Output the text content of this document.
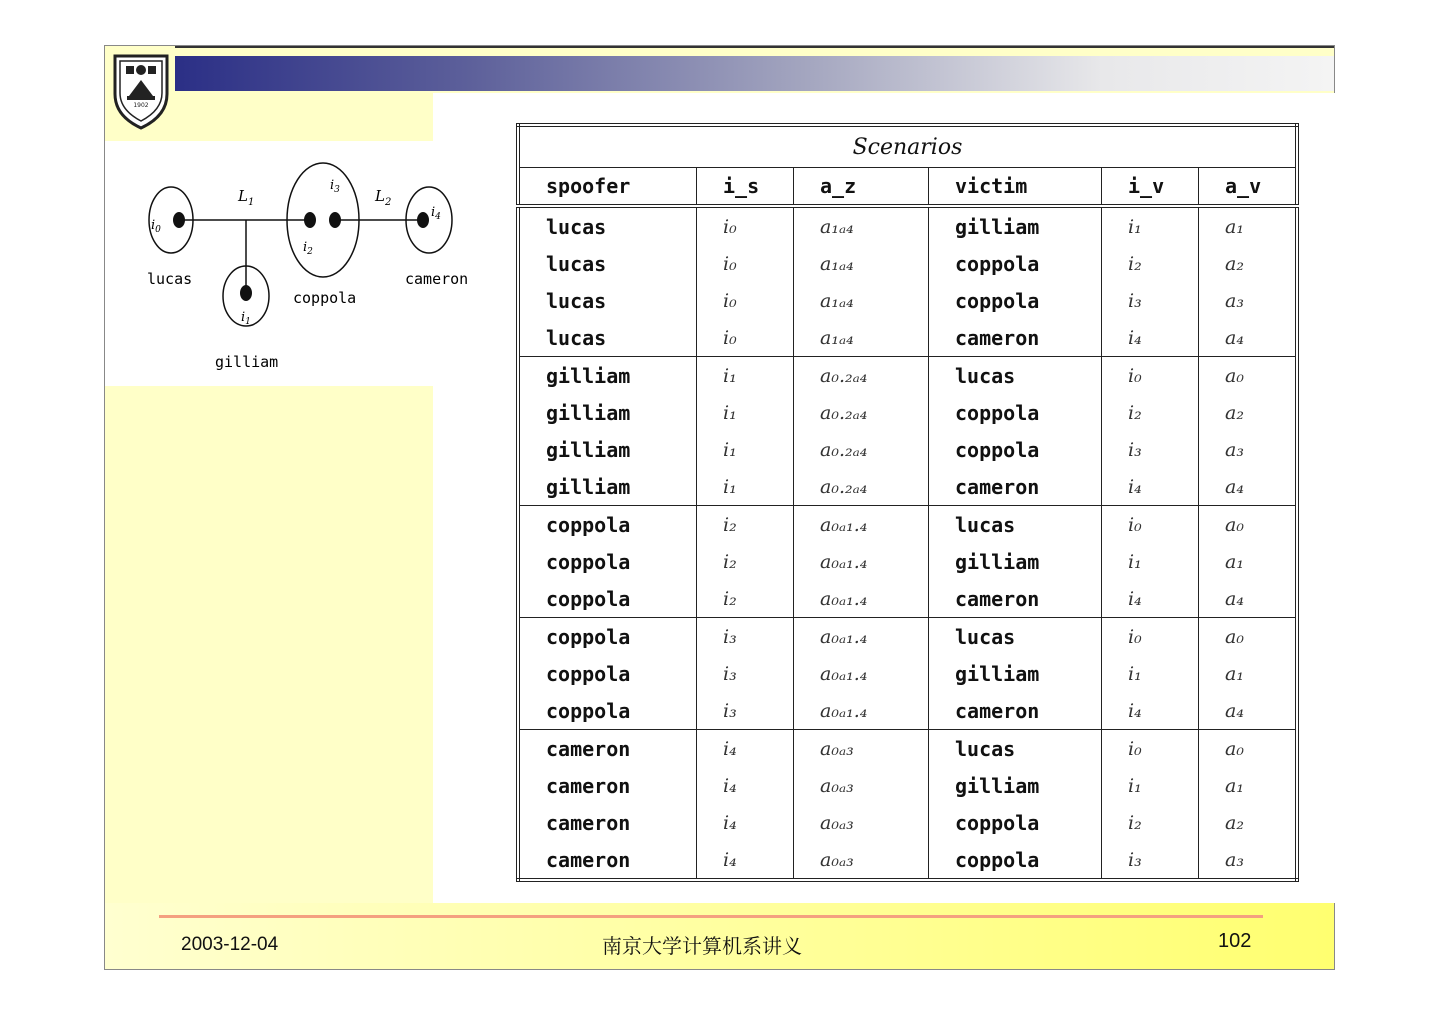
1902
$L_1$	$L_2$
$i_0$
lucas
$i_1$
gilliam
$i_2$
$i_3$
coppola
$i_4$
cameron
Scenarios					
spoofer	i_s	a_z	victim	i_v	a_v
lucas	i₀	a₁ₐ₄	gilliam	i₁	a₁
lucas	i₀	a₁ₐ₄	coppola	i₂	a₂
lucas	i₀	a₁ₐ₄	coppola	i₃	a₃
lucas	i₀	a₁ₐ₄	cameron	i₄	a₄
gilliam	i₁	a₀.₂ₐ₄	lucas	i₀	a₀
gilliam	i₁	a₀.₂ₐ₄	coppola	i₂	a₂
gilliam	i₁	a₀.₂ₐ₄	coppola	i₃	a₃
gilliam	i₁	a₀.₂ₐ₄	cameron	i₄	a₄
coppola	i₂	a₀ₐ₁.₄	lucas	i₀	a₀
coppola	i₂	a₀ₐ₁.₄	gilliam	i₁	a₁
coppola	i₂	a₀ₐ₁.₄	cameron	i₄	a₄
coppola	i₃	a₀ₐ₁.₄	lucas	i₀	a₀
coppola	i₃	a₀ₐ₁.₄	gilliam	i₁	a₁
coppola	i₃	a₀ₐ₁.₄	cameron	i₄	a₄
cameron	i₄	a₀ₐ₃	lucas	i₀	a₀
cameron	i₄	a₀ₐ₃	gilliam	i₁	a₁
cameron	i₄	a₀ₐ₃	coppola	i₂	a₂
cameron	i₄	a₀ₐ₃	coppola	i₃	a₃
2003-12-04	南京大学计算机系讲义	102
